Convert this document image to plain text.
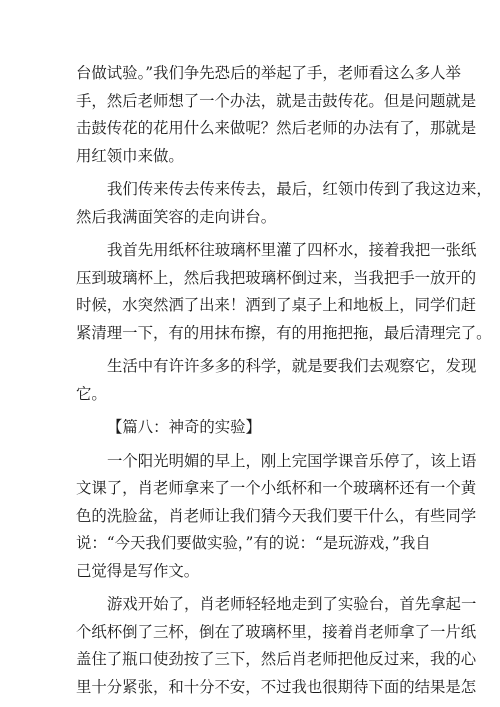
台做试验。”我们争先恐后的举起了手，老师看这么多人举
手，然后老师想了一个办法，就是击鼓传花。但是问题就是
击鼓传花的花用什么来做呢？然后老师的办法有了，那就是
用红领巾来做。
我们传来传去传来传去，最后，红领巾传到了我这边来，
然后我满面笑容的走向讲台。
我首先用纸杯往玻璃杯里灌了四杯水，接着我把一张纸
压到玻璃杯上，然后我把玻璃杯倒过来，当我把手一放开的
时候，水突然洒了出来！洒到了桌子上和地板上，同学们赶
紧清理一下，有的用抹布擦，有的用拖把拖，最后清理完了。
生活中有许许多多的科学，就是要我们去观察它，发现
它。
【篇八：神奇的实验】
一个阳光明媚的早上，刚上完国学课音乐停了，该上语
文课了，肖老师拿来了一个小纸杯和一个玻璃杯还有一个黄
色的洗脸盆，肖老师让我们猜今天我们要干什么，有些同学
说：“今天我们要做实验，”有的说：“是玩游戏，”我自
己觉得是写作文。
游戏开始了，肖老师轻轻地走到了实验台，首先拿起一
个纸杯倒了三杯，倒在了玻璃杯里，接着肖老师拿了一片纸
盖住了瓶口使劲按了三下，然后肖老师把他反过来，我的心
里十分紧张，和十分不安，不过我也很期待下面的结果是怎
